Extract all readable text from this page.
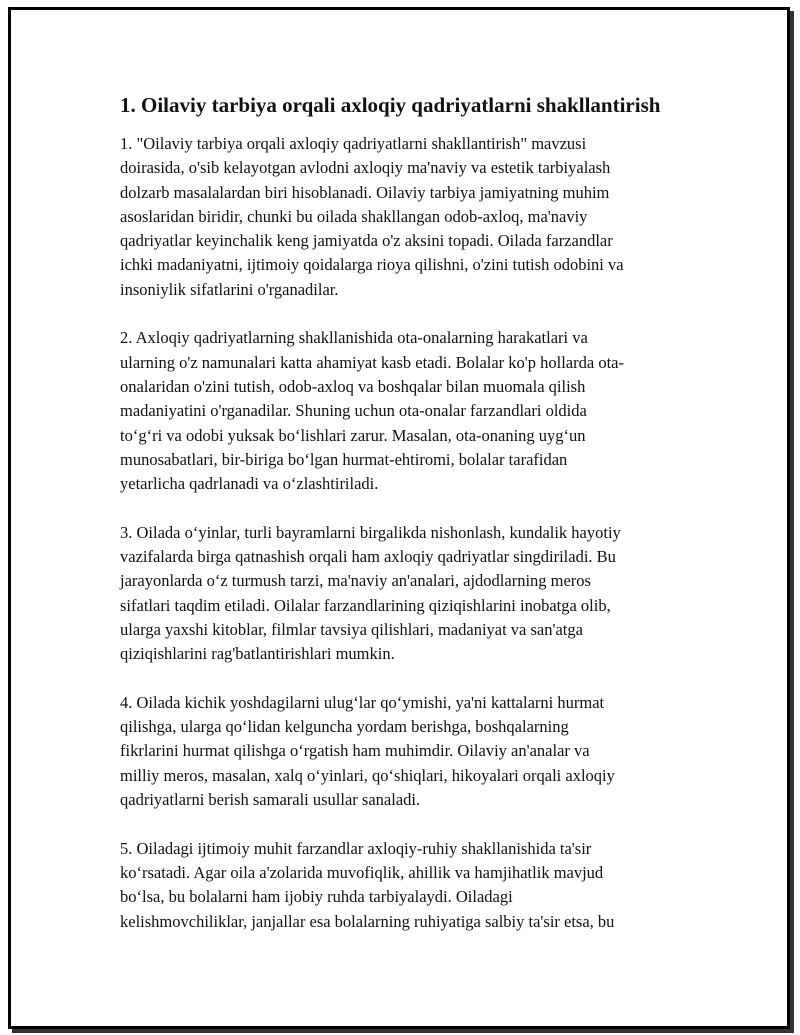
1. Oilaviy tarbiya orqali axloqiy qadriyatlarni shakllantirish

1. "Oilaviy tarbiya orqali axloqiy qadriyatlarni shakllantirish" mavzusi
doirasida, o'sib kelayotgan avlodni axloqiy ma'naviy va estetik tarbiyalash
dolzarb masalalardan biri hisoblanadi. Oilaviy tarbiya jamiyatning muhim
asoslaridan biridir, chunki bu oilada shakllangan odob-axloq, ma'naviy
qadriyatlar keyinchalik keng jamiyatda o'z aksini topadi. Oilada farzandlar
ichki madaniyatni, ijtimoiy qoidalarga rioya qilishni, o'zini tutish odobini va
insoniylik sifatlarini o'rganadilar.

2. Axloqiy qadriyatlarning shakllanishida ota-onalarning harakatlari va
ularning o'z namunalari katta ahamiyat kasb etadi. Bolalar ko'p hollarda ota-
onalaridan o'zini tutish, odob-axloq va boshqalar bilan muomala qilish
madaniyatini o'rganadilar. Shuning uchun ota-onalar farzandlari oldida
to‘g‘ri va odobi yuksak bo‘lishlari zarur. Masalan, ota-onaning uyg‘un
munosabatlari, bir-biriga bo‘lgan hurmat-ehtiromi, bolalar tarafidan
yetarlicha qadrlanadi va o‘zlashtiriladi.

3. Oilada o‘yinlar, turli bayramlarni birgalikda nishonlash, kundalik hayotiy
vazifalarda birga qatnashish orqali ham axloqiy qadriyatlar singdiriladi. Bu
jarayonlarda o‘z turmush tarzi, ma'naviy an'analari, ajdodlarning meros
sifatlari taqdim etiladi. Oilalar farzandlarining qiziqishlarini inobatga olib,
ularga yaxshi kitoblar, filmlar tavsiya qilishlari, madaniyat va san'atga
qiziqishlarini rag'batlantirishlari mumkin.

4. Oilada kichik yoshdagilarni ulug‘lar qo‘ymishi, ya'ni kattalarni hurmat
qilishga, ularga qo‘lidan kelguncha yordam berishga, boshqalarning
fikrlarini hurmat qilishga o‘rgatish ham muhimdir. Oilaviy an'analar va
milliy meros, masalan, xalq o‘yinlari, qo‘shiqlari, hikoyalari orqali axloqiy
qadriyatlarni berish samarali usullar sanaladi.

5. Oiladagi ijtimoiy muhit farzandlar axloqiy-ruhiy shakllanishida ta'sir
ko‘rsatadi. Agar oila a'zolarida muvofiqlik, ahillik va hamjihatlik mavjud
bo‘lsa, bu bolalarni ham ijobiy ruhda tarbiyalaydi. Oiladagi
kelishmovchiliklar, janjallar esa bolalarning ruhiyatiga salbiy ta'sir etsa, bu
